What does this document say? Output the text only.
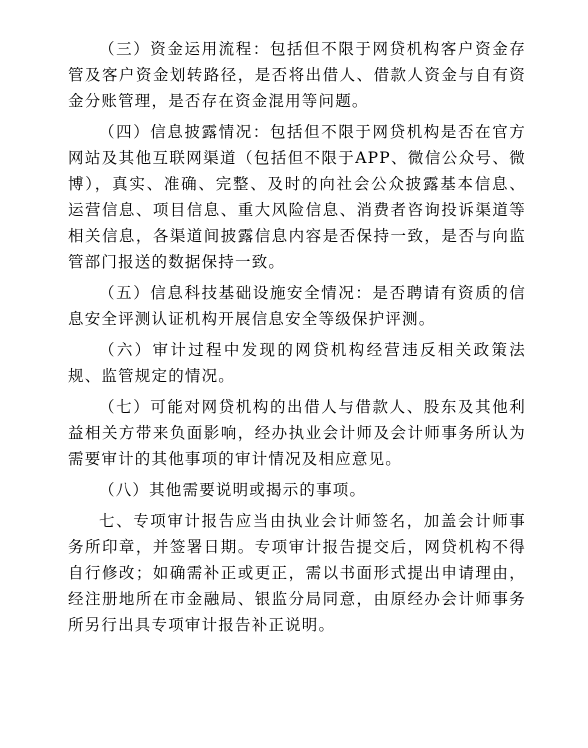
（三）资金运用流程：包括但不限于网贷机构客户资金存管及客户资金划转路径，是否将出借人、借款人资金与自有资金分账管理，是否存在资金混用等问题。

（四）信息披露情况：包括但不限于网贷机构是否在官方网站及其他互联网渠道（包括但不限于APP、微信公众号、微博），真实、准确、完整、及时的向社会公众披露基本信息、运营信息、项目信息、重大风险信息、消费者咨询投诉渠道等相关信息，各渠道间披露信息内容是否保持一致，是否与向监管部门报送的数据保持一致。

（五）信息科技基础设施安全情况：是否聘请有资质的信息安全评测认证机构开展信息安全等级保护评测。

（六）审计过程中发现的网贷机构经营违反相关政策法规、监管规定的情况。

（七）可能对网贷机构的出借人与借款人、股东及其他利益相关方带来负面影响，经办执业会计师及会计师事务所认为需要审计的其他事项的审计情况及相应意见。

（八）其他需要说明或揭示的事项。

七、专项审计报告应当由执业会计师签名，加盖会计师事务所印章，并签署日期。专项审计报告提交后，网贷机构不得自行修改；如确需补正或更正，需以书面形式提出申请理由，经注册地所在市金融局、银监分局同意，由原经办会计师事务所另行出具专项审计报告补正说明。
